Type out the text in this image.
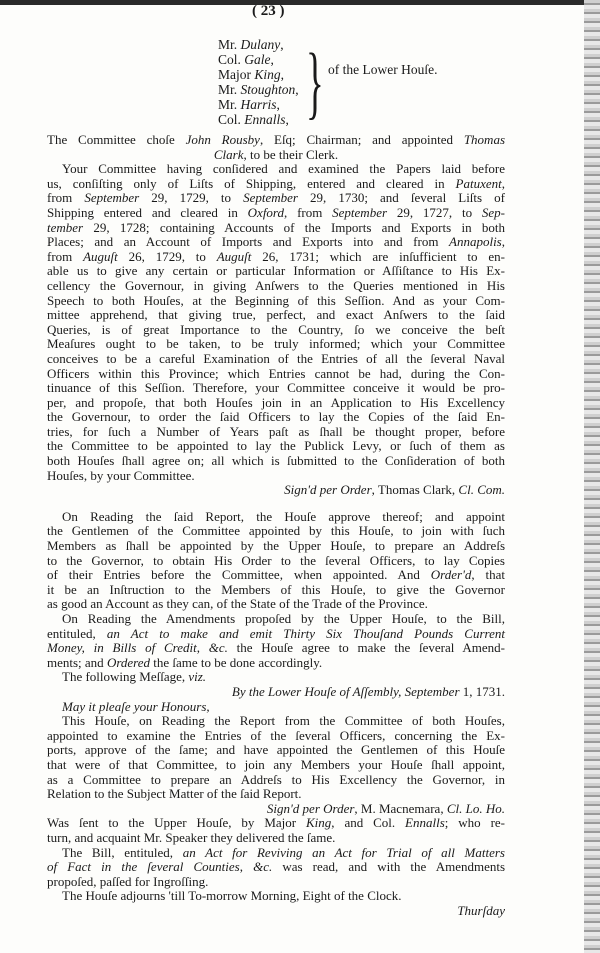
( 23 )
Mr. Dulany,
Col. Gale,
Major King,
Mr. Stoughton,
Mr. Harris,
Col. Ennalls, } of the Lower Houſe.
The Committee choſe John Rousby, Eſq; Chairman; and appointed Thomas
Clark, to be their Clerk.
Your Committee having conſidered and examined the Papers laid before
us, conſiſting only of Liſts of Shipping, entered and cleared in Patuxent,
from September 29, 1729, to September 29, 1730; and ſeveral Liſts of
Shipping entered and cleared in Oxford, from September 29, 1727, to Sep-
tember 29, 1728; containing Accounts of the Imports and Exports in both
Places; and an Account of Imports and Exports into and from Annapolis,
from Auguſt 26, 1729, to Auguſt 26, 1731; which are inſufficient to en-
able us to give any certain or particular Information or Aſſiſtance to His Ex-
cellency the Governour, in giving Anſwers to the Queries mentioned in His
Speech to both Houſes, at the Beginning of this Seſſion. And as your Com-
mittee apprehend, that giving true, perfect, and exact Anſwers to the ſaid
Queries, is of great Importance to the Country, ſo we conceive the beſt
Meaſures ought to be taken, to be truly informed; which your Committee
conceives to be a careful Examination of the Entries of all the ſeveral Naval
Officers within this Province; which Entries cannot be had, during the Con-
tinuance of this Seſſion. Therefore, your Committee conceive it would be pro-
per, and propoſe, that both Houſes join in an Application to His Excellency
the Governour, to order the ſaid Officers to lay the Copies of the ſaid En-
tries, for ſuch a Number of Years paſt as ſhall be thought proper, before
the Committee to be appointed to lay the Publick Levy, or ſuch of them as
both Houſes ſhall agree on; all which is ſubmitted to the Conſideration of both
Houſes, by your Committee.
Sign'd per Order, Thomas Clark, Cl. Com.
On Reading the ſaid Report, the Houſe approve thereof; and appoint
the Gentlemen of the Committee appointed by this Houſe, to join with ſuch
Members as ſhall be appointed by the Upper Houſe, to prepare an Addreſs
to the Governor, to obtain His Order to the ſeveral Officers, to lay Copies
of their Entries before the Committee, when appointed. And Order'd, that
it be an Inſtruction to the Members of this Houſe, to give the Governor
as good an Account as they can, of the State of the Trade of the Province.
On Reading the Amendments propoſed by the Upper Houſe, to the Bill,
entituled, an Act to make and emit Thirty Six Thouſand Pounds Current
Money, in Bills of Credit, &c. the Houſe agree to make the ſeveral Amend-
ments; and Ordered the ſame to be done accordingly.
The following Meſſage, viz.
By the Lower Houſe of Aſſembly, September 1, 1731.
May it pleaſe your Honours,
This Houſe, on Reading the Report from the Committee of both Houſes,
appointed to examine the Entries of the ſeveral Officers, concerning the Ex-
ports, approve of the ſame; and have appointed the Gentlemen of this Houſe
that were of that Committee, to join any Members your Houſe ſhall appoint,
as a Committee to prepare an Addreſs to His Excellency the Governor, in
Relation to the Subject Matter of the ſaid Report.
Sign'd per Order, M. Macnemara, Cl. Lo. Ho.
Was ſent to the Upper Houſe, by Major King, and Col. Ennalls; who re-
turn, and acquaint Mr. Speaker they delivered the ſame.
The Bill, entituled, an Act for Reviving an Act for Trial of all Matters
of Fact in the ſeveral Counties, &c. was read, and with the Amendments
propoſed, paſſed for Ingroſſing.
The Houſe adjourns 'till To-morrow Morning, Eight of the Clock.
Thurſday
